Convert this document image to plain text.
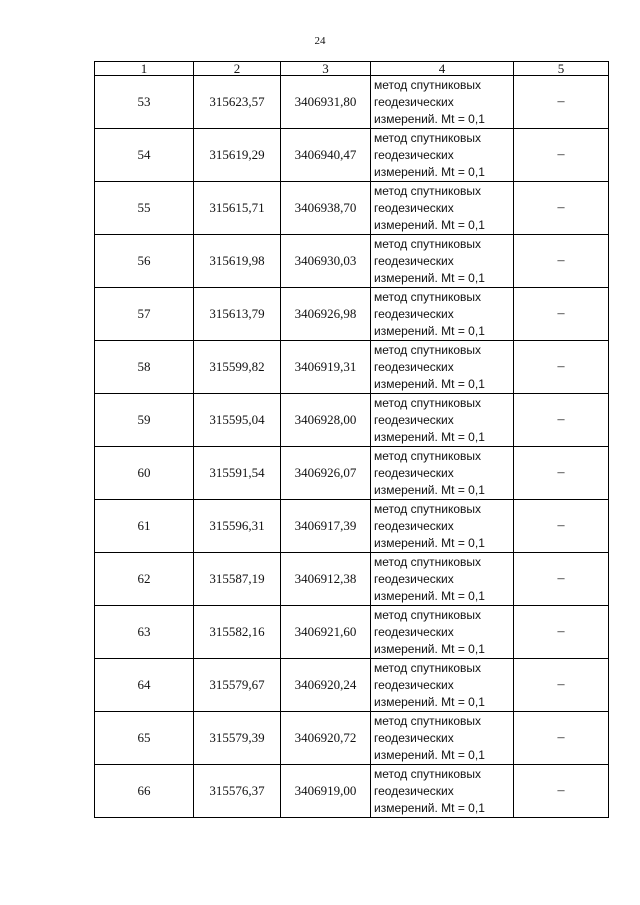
24
1	2	3	4	5
53	315623,57	3406931,80	метод спутниковых
геодезических
измерений. Mt = 0,1	–
54	315619,29	3406940,47	метод спутниковых
геодезических
измерений. Mt = 0,1	–
55	315615,71	3406938,70	метод спутниковых
геодезических
измерений. Mt = 0,1	–
56	315619,98	3406930,03	метод спутниковых
геодезических
измерений. Mt = 0,1	–
57	315613,79	3406926,98	метод спутниковых
геодезических
измерений. Mt = 0,1	–
58	315599,82	3406919,31	метод спутниковых
геодезических
измерений. Mt = 0,1	–
59	315595,04	3406928,00	метод спутниковых
геодезических
измерений. Mt = 0,1	–
60	315591,54	3406926,07	метод спутниковых
геодезических
измерений. Mt = 0,1	–
61	315596,31	3406917,39	метод спутниковых
геодезических
измерений. Mt = 0,1	–
62	315587,19	3406912,38	метод спутниковых
геодезических
измерений. Mt = 0,1	–
63	315582,16	3406921,60	метод спутниковых
геодезических
измерений. Mt = 0,1	–
64	315579,67	3406920,24	метод спутниковых
геодезических
измерений. Mt = 0,1	–
65	315579,39	3406920,72	метод спутниковых
геодезических
измерений. Mt = 0,1	–
66	315576,37	3406919,00	метод спутниковых
геодезических
измерений. Mt = 0,1	–
